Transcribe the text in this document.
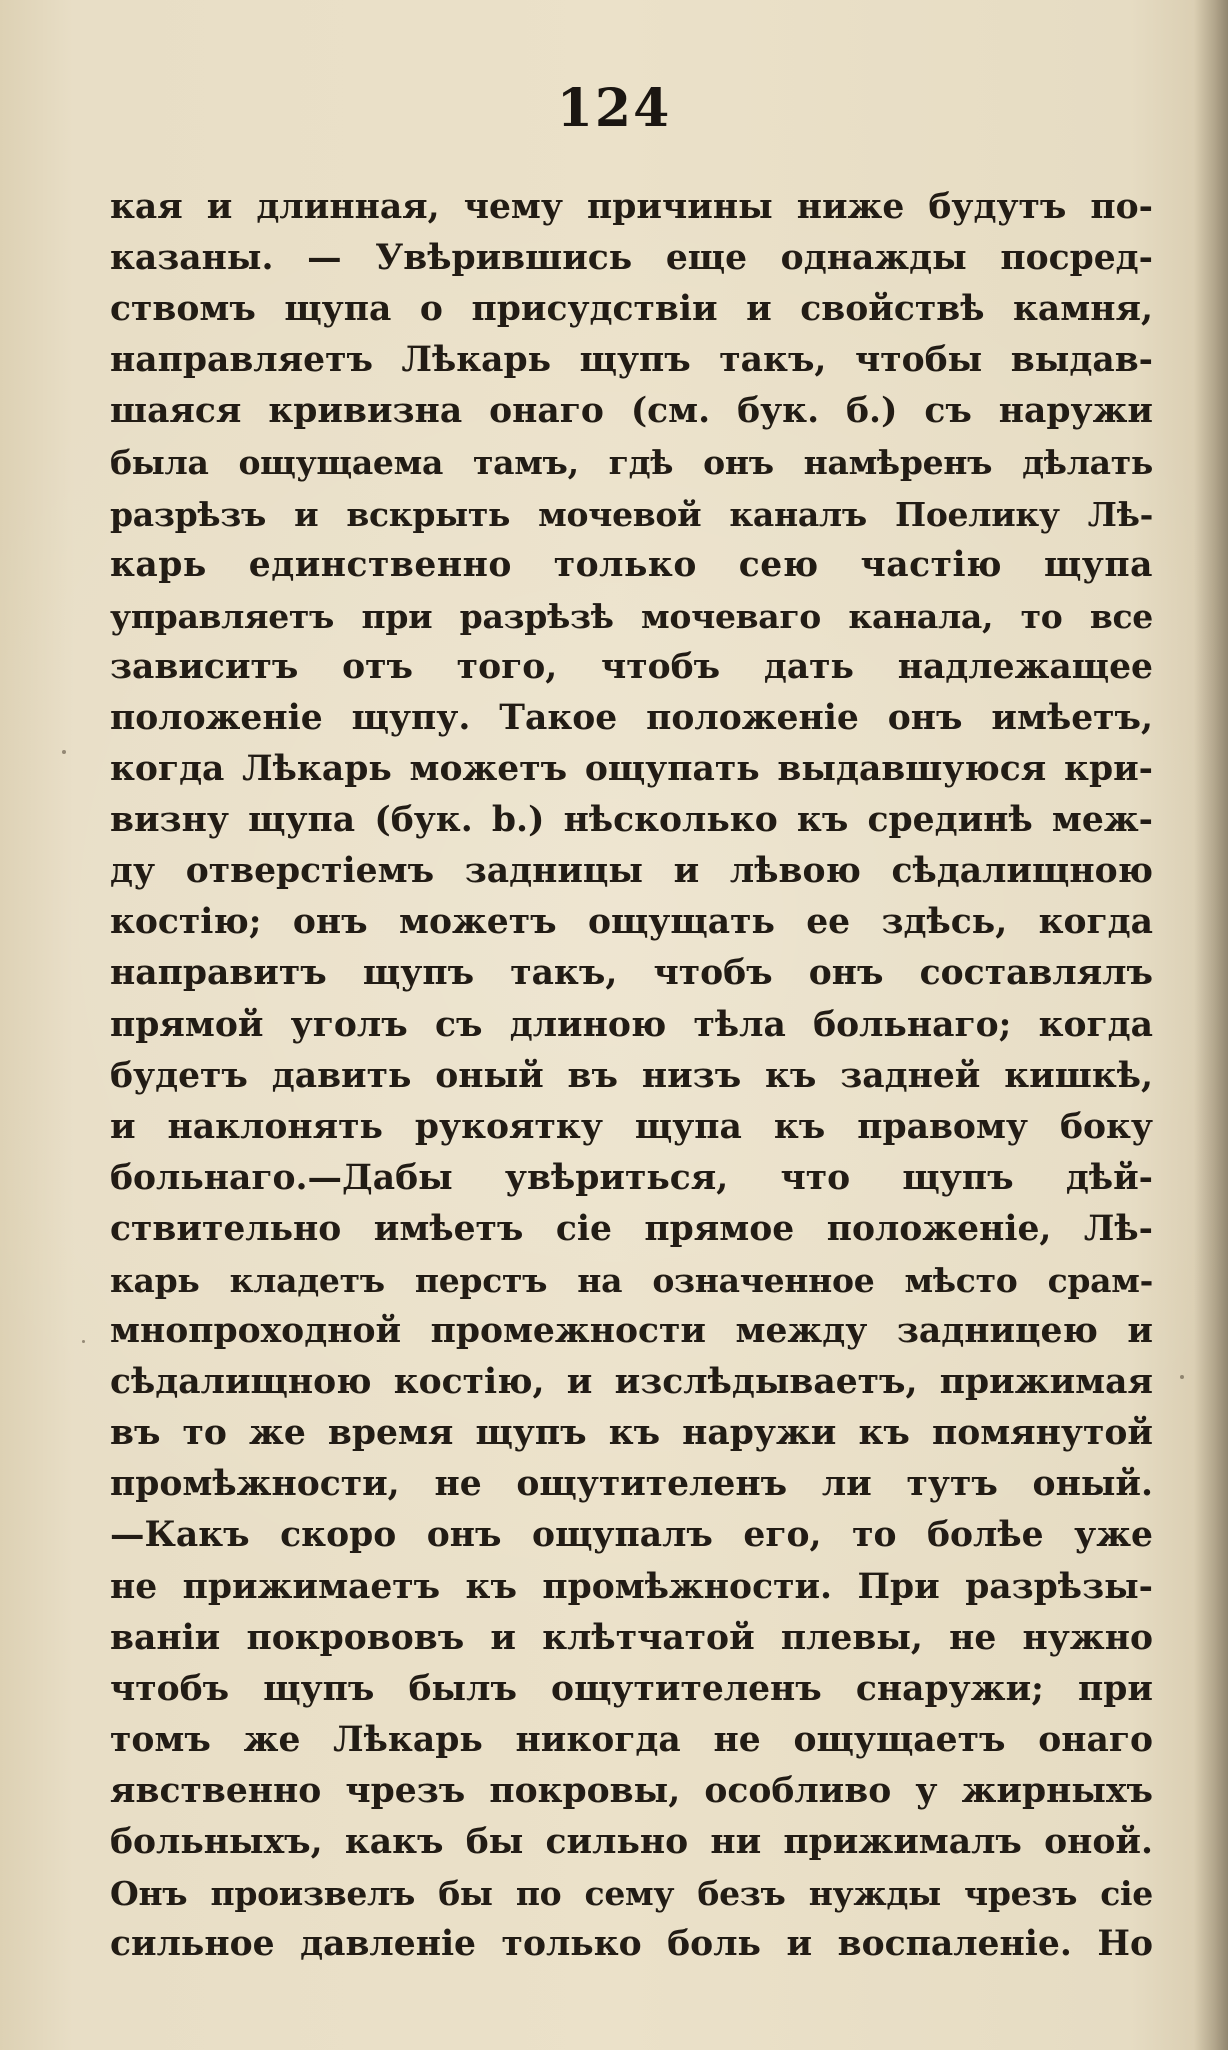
124
кая и длинная, чему причины ниже будутъ по-
казаны. — Увѣрившись еще однажды посред-
ствомъ щупа о присудствіи и свойствѣ камня,
направляетъ Лѣкарь щупъ такъ, чтобы выдав-
шаяся кривизна онаго (см. бук. б.) съ наружи
была ощущаема тамъ, гдѣ онъ намѣренъ дѣлать
разрѣзъ и вскрыть мочевой каналъ Поелику Лѣ-
карь единственно только сею частію щупа
управляетъ при разрѣзѣ мочеваго канала, то все
зависитъ отъ того, чтобъ дать надлежащее
положеніе щупу. Такое положеніе онъ имѣетъ,
когда Лѣкарь можетъ ощупать выдавшуюся кри-
визну щупа (бук. b.) нѣсколько къ срединѣ меж-
ду отверстіемъ задницы и лѣвою сѣдалищною
костію; онъ можетъ ощущать ее здѣсь, когда
направитъ щупъ такъ, чтобъ онъ составлялъ
прямой уголъ съ длиною тѣла больнаго; когда
будетъ давить оный въ низъ къ задней кишкѣ,
и наклонять рукоятку щупа къ правому боку
больнаго.—Дабы увѣриться, что щупъ дѣй-
ствительно имѣетъ сіе прямое положеніе, Лѣ-
карь кладетъ перстъ на означенное мѣсто срам-
мнопроходной промежности между задницею и
сѣдалищною костію, и изслѣдываетъ, прижимая
въ то же время щупъ къ наружи къ помянутой
промѣжности, не ощутителенъ ли тутъ оный.
—Какъ скоро онъ ощупалъ его, то болѣе уже
не прижимаетъ къ промѣжности. При разрѣзы-
ваніи покрововъ и клѣтчатой плевы, не нужно
чтобъ щупъ былъ ощутителенъ снаружи; при
томъ же Лѣкарь никогда не ощущаетъ онаго
явственно чрезъ покровы, особливо у жирныхъ
больныхъ, какъ бы сильно ни прижималъ оной.
Онъ произвелъ бы по сему безъ нужды чрезъ сіе
сильное давленіе только боль и воспаленіе. Но
